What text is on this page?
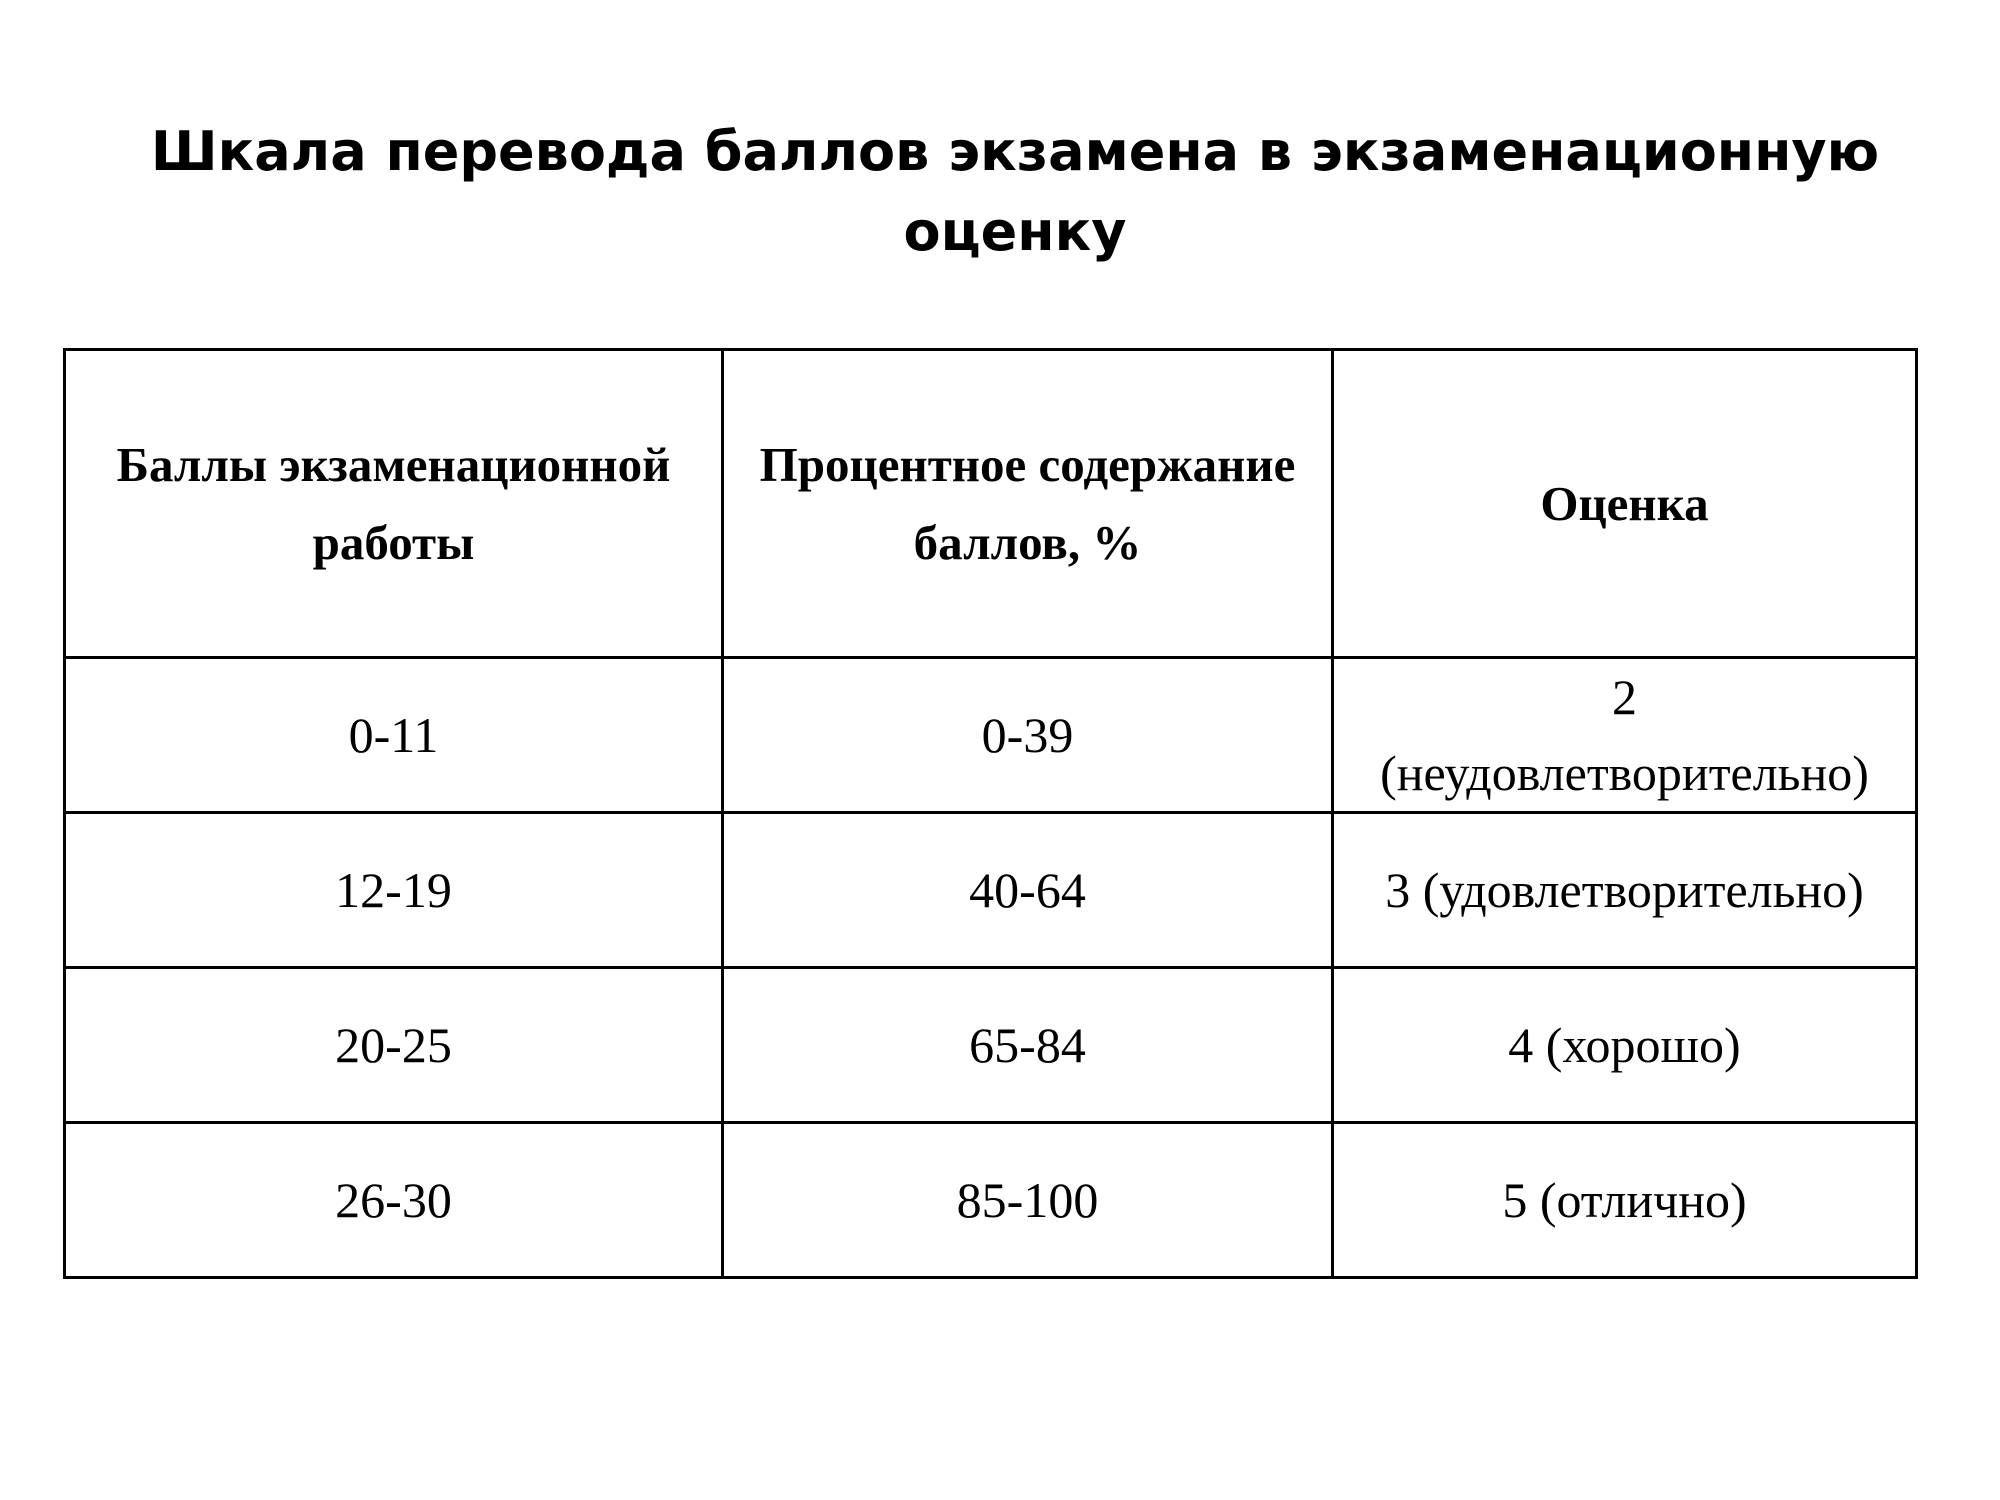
Шкала перевода баллов экзамена в экзаменационную оценку
Баллы экзаменационной работы	Процентное содержание баллов, %	Оценка
0-11	0-39	2
(неудовлетворительно)

12-19	40-64	3 (удовлетворительно)
20-25	65-84	4 (хорошо)
26-30	85-100	5 (отлично)
